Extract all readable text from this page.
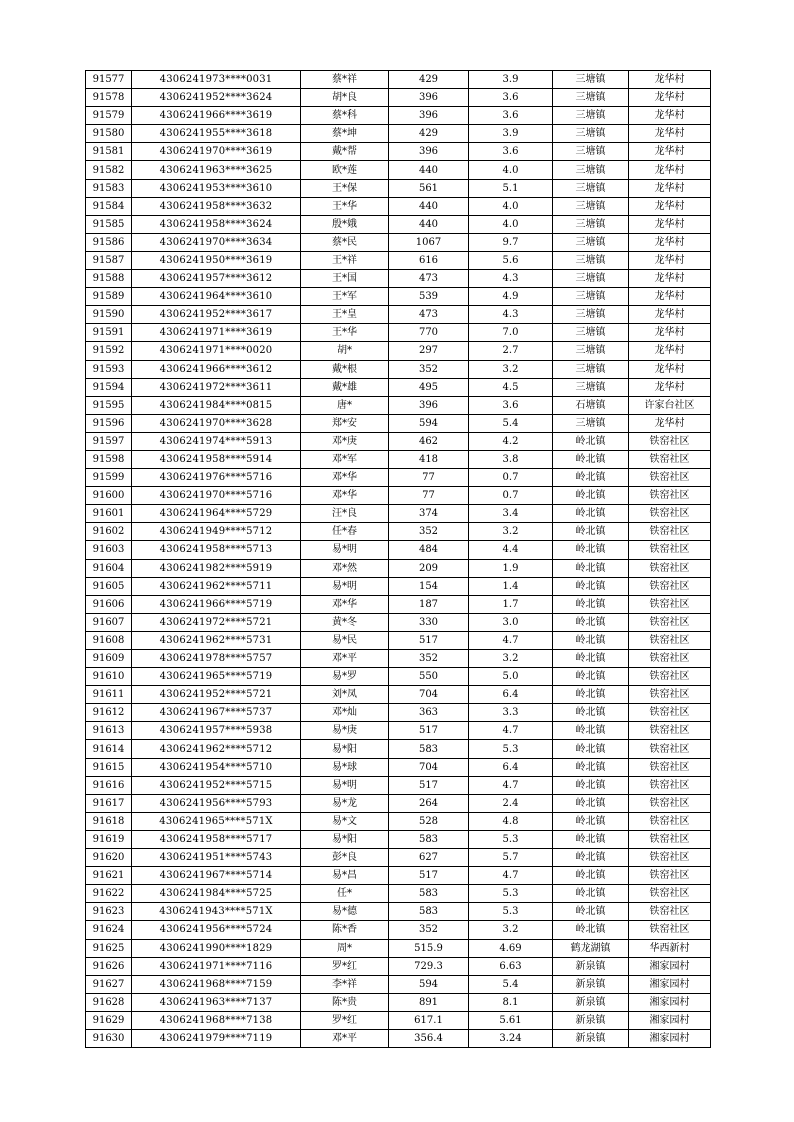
91577	4306241973****0031	蔡*祥	429	3.9	三塘镇	龙华村
91578	4306241952****3624	胡*良	396	3.6	三塘镇	龙华村
91579	4306241966****3619	蔡*科	396	3.6	三塘镇	龙华村
91580	4306241955****3618	蔡*坤	429	3.9	三塘镇	龙华村
91581	4306241970****3619	戴*帮	396	3.6	三塘镇	龙华村
91582	4306241963****3625	欧*莲	440	4.0	三塘镇	龙华村
91583	4306241953****3610	王*保	561	5.1	三塘镇	龙华村
91584	4306241958****3632	王*华	440	4.0	三塘镇	龙华村
91585	4306241958****3624	殷*娥	440	4.0	三塘镇	龙华村
91586	4306241970****3634	蔡*民	1067	9.7	三塘镇	龙华村
91587	4306241950****3619	王*祥	616	5.6	三塘镇	龙华村
91588	4306241957****3612	王*国	473	4.3	三塘镇	龙华村
91589	4306241964****3610	王*军	539	4.9	三塘镇	龙华村
91590	4306241952****3617	王*皇	473	4.3	三塘镇	龙华村
91591	4306241971****3619	王*华	770	7.0	三塘镇	龙华村
91592	4306241971****0020	胡*	297	2.7	三塘镇	龙华村
91593	4306241966****3612	戴*根	352	3.2	三塘镇	龙华村
91594	4306241972****3611	戴*雄	495	4.5	三塘镇	龙华村
91595	4306241984****0815	唐*	396	3.6	石塘镇	许家台社区
91596	4306241970****3628	郑*安	594	5.4	三塘镇	龙华村
91597	4306241974****5913	邓*庚	462	4.2	岭北镇	铁窑社区
91598	4306241958****5914	邓*军	418	3.8	岭北镇	铁窑社区
91599	4306241976****5716	邓*华	77	0.7	岭北镇	铁窑社区
91600	4306241970****5716	邓*华	77	0.7	岭北镇	铁窑社区
91601	4306241964****5729	汪*良	374	3.4	岭北镇	铁窑社区
91602	4306241949****5712	任*春	352	3.2	岭北镇	铁窑社区
91603	4306241958****5713	易*明	484	4.4	岭北镇	铁窑社区
91604	4306241982****5919	邓*然	209	1.9	岭北镇	铁窑社区
91605	4306241962****5711	易*明	154	1.4	岭北镇	铁窑社区
91606	4306241966****5719	邓*华	187	1.7	岭北镇	铁窑社区
91607	4306241972****5721	黄*冬	330	3.0	岭北镇	铁窑社区
91608	4306241962****5731	易*民	517	4.7	岭北镇	铁窑社区
91609	4306241978****5757	邓*平	352	3.2	岭北镇	铁窑社区
91610	4306241965****5719	易*罗	550	5.0	岭北镇	铁窑社区
91611	4306241952****5721	刘*凤	704	6.4	岭北镇	铁窑社区
91612	4306241967****5737	邓*灿	363	3.3	岭北镇	铁窑社区
91613	4306241957****5938	易*庚	517	4.7	岭北镇	铁窑社区
91614	4306241962****5712	易*阳	583	5.3	岭北镇	铁窑社区
91615	4306241954****5710	易*球	704	6.4	岭北镇	铁窑社区
91616	4306241952****5715	易*明	517	4.7	岭北镇	铁窑社区
91617	4306241956****5793	易*龙	264	2.4	岭北镇	铁窑社区
91618	4306241965****571X	易*文	528	4.8	岭北镇	铁窑社区
91619	4306241958****5717	易*阳	583	5.3	岭北镇	铁窑社区
91620	4306241951****5743	彭*良	627	5.7	岭北镇	铁窑社区
91621	4306241967****5714	易*昌	517	4.7	岭北镇	铁窑社区
91622	4306241984****5725	任*	583	5.3	岭北镇	铁窑社区
91623	4306241943****571X	易*德	583	5.3	岭北镇	铁窑社区
91624	4306241956****5724	陈*香	352	3.2	岭北镇	铁窑社区
91625	4306241990****1829	周*	515.9	4.69	鹤龙湖镇	华西新村
91626	4306241971****7116	罗*红	729.3	6.63	新泉镇	湘家园村
91627	4306241968****7159	李*祥	594	5.4	新泉镇	湘家园村
91628	4306241963****7137	陈*贵	891	8.1	新泉镇	湘家园村
91629	4306241968****7138	罗*红	617.1	5.61	新泉镇	湘家园村
91630	4306241979****7119	邓*平	356.4	3.24	新泉镇	湘家园村
